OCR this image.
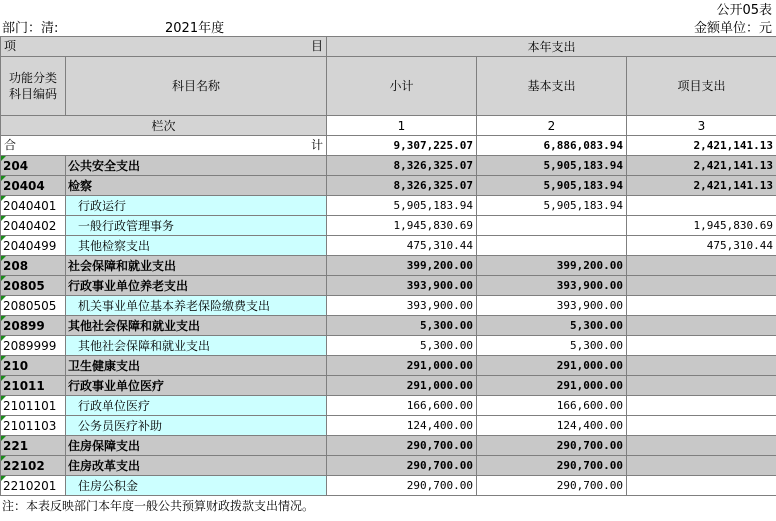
公开05表
部门：清:	2021年度	金额单位：元
项 目		本年支出		
功能分类
科目编码	科目名称	小计	基本支出	项目支出
栏次		1	2	3

合 计		9,307,225.07	6,886,083.94	2,421,141.13
204	公共安全支出	8,326,325.07	5,905,183.94	2,421,141.13
20404	检察	8,326,325.07	5,905,183.94	2,421,141.13
2040401	行政运行	5,905,183.94	5,905,183.94	
2040402	一般行政管理事务	1,945,830.69		1,945,830.69
2040499	其他检察支出	475,310.44		475,310.44
208	社会保障和就业支出	399,200.00	399,200.00	
20805	行政事业单位养老支出	393,900.00	393,900.00	
2080505	机关事业单位基本养老保险缴费支出	393,900.00	393,900.00	
20899	其他社会保障和就业支出	5,300.00	5,300.00	
2089999	其他社会保障和就业支出	5,300.00	5,300.00	
210	卫生健康支出	291,000.00	291,000.00	
21011	行政事业单位医疗	291,000.00	291,000.00	
2101101	行政单位医疗	166,600.00	166,600.00	
2101103	公务员医疗补助	124,400.00	124,400.00	
221	住房保障支出	290,700.00	290,700.00	
22102	住房改革支出	290,700.00	290,700.00	
2210201	住房公积金	290,700.00	290,700.00	
注：本表反映部门本年度一般公共预算财政拨款支出情况。
